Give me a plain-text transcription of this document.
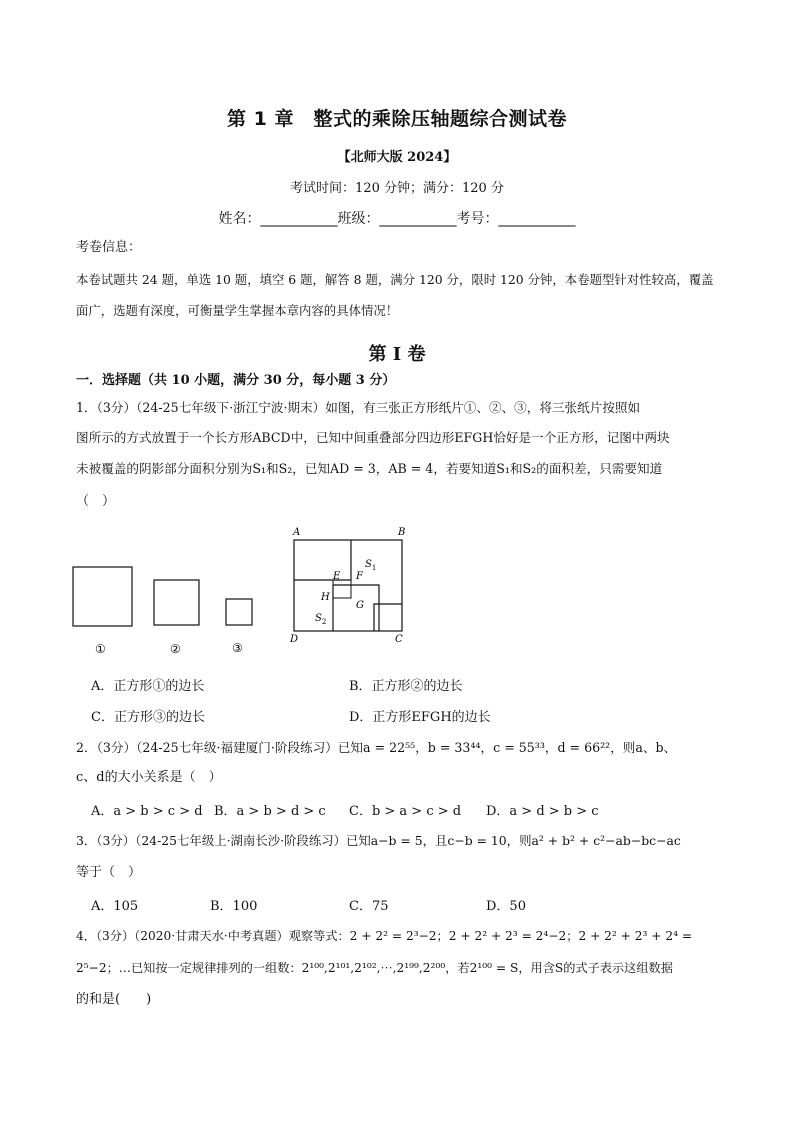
第 1 章　整式的乘除压轴题综合测试卷
【北师大版 2024】
考试时间：120 分钟；满分：120 分
姓名：___________班级：___________考号：___________
考卷信息：
本卷试题共 24 题，单选 10 题，填空 6 题，解答 8 题，满分 120 分，限时 120 分钟，本卷题型针对性较高，覆盖
面广，选题有深度，可衡量学生掌握本章内容的具体情况！
第 I 卷
一．选择题（共 10 小题，满分 30 分，每小题 3 分）
1．（3分）（24-25七年级下·浙江宁波·期末）如图，有三张正方形纸片①、②、③，将三张纸片按照如
图所示的方式放置于一个长方形ABCD中，已知中间重叠部分四边形EFGH恰好是一个正方形，记图中两块
未被覆盖的阴影部分面积分别为S₁和S₂，已知AD = 3，AB = 4，若要知道S₁和S₂的面积差，只需要知道
（　）
①	②	③
A	B
C
D
E F
G
H
$S_1$
$S_2$
A．正方形①的边长	B．正方形②的边长
C．正方形③的边长	D．正方形EFGH的边长
2．（3分）（24-25七年级·福建厦门·阶段练习）已知a = 22⁵⁵，b = 33⁴⁴，c = 55³³，d = 66²²，则a、b、
c、d的大小关系是（　）
A．a > b > c > d B．a > b > d > c C．b > a > c > d D．a > d > b > c
3．（3分）（24-25七年级上·湖南长沙·阶段练习）已知a−b = 5，且c−b = 10，则a² + b² + c²−ab−bc−ac
等于（　）
A．105	B．100	C．75	D．50
4．（3分）（2020·甘肃天水·中考真题）观察等式：2 + 2² = 2³−2；2 + 2² + 2³ = 2⁴−2；2 + 2² + 2³ + 2⁴ =
2⁵−2；…已知按一定规律排列的一组数：2¹⁰⁰,2¹⁰¹,2¹⁰²,⋯,2¹⁹⁹,2²⁰⁰，若2¹⁰⁰ = S，用含S的式子表示这组数据
的和是(　　)
